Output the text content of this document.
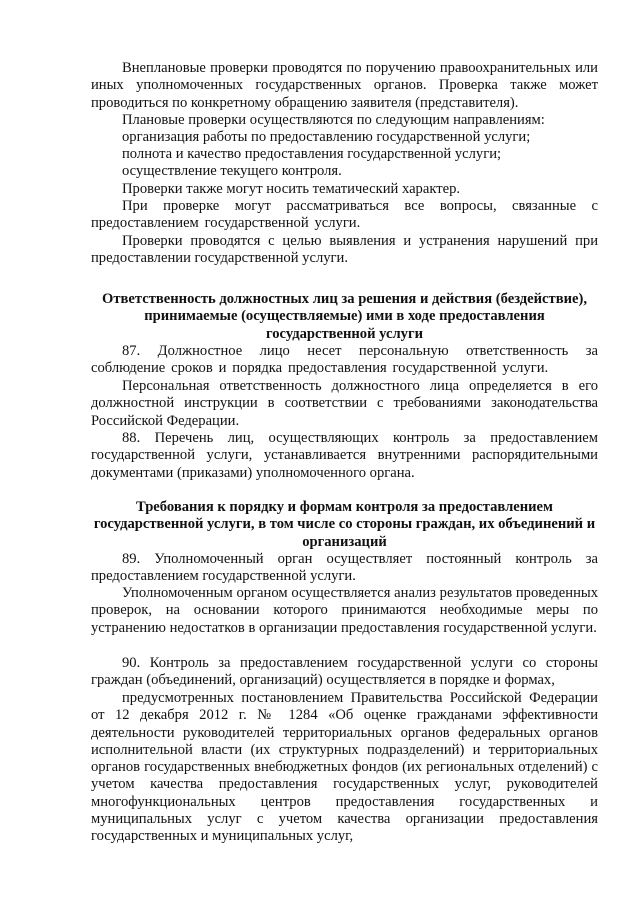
Внеплановые проверки проводятся по поручению правоохранительных или иных уполномоченных государственных органов. Проверка также может проводиться по конкретному обращению заявителя (представителя).

Плановые проверки осуществляются по следующим направлениям:

организация работы по предоставлению государственной услуги;

полнота и качество предоставления государственной услуги;

осуществление текущего контроля.

Проверки также могут носить тематический характер.

При проверке могут рассматриваться все вопросы, связанные с предоставлением государственной услуги.

Проверки проводятся с целью выявления и устранения нарушений при предоставлении государственной услуги.

Ответственность должностных лиц за решения и действия (бездействие), принимаемые (осуществляемые) ими в ходе предоставления государственной услуги

87. Должностное лицо несет персональную ответственность за соблюдение сроков и порядка предоставления государственной услуги.

Персональная ответственность должностного лица определяется в его должностной инструкции в соответствии с требованиями законодательства Российской Федерации.

88. Перечень лиц, осуществляющих контроль за предоставлением государственной услуги, устанавливается внутренними распорядительными документами (приказами) уполномоченного органа.

Требования к порядку и формам контроля за предоставлением государственной услуги, в том числе со стороны граждан, их объединений и организаций

89. Уполномоченный орган осуществляет постоянный контроль за предоставлением государственной услуги.

Уполномоченным органом осуществляется анализ результатов проведенных проверок, на основании которого принимаются необходимые меры по устранению недостатков в организации предоставления государственной услуги.

90. Контроль за предоставлением государственной услуги со стороны граждан (объединений, организаций) осуществляется в порядке и формах,

предусмотренных постановлением Правительства Российской Федерации от 12 декабря 2012 г. № 1284 «Об оценке гражданами эффективности деятельности руководителей территориальных органов федеральных органов исполнительной власти (их структурных подразделений) и территориальных органов государственных внебюджетных фондов (их региональных отделений) с учетом качества предоставления государственных услуг, руководителей многофункциональных центров предоставления государственных и муниципальных услуг с учетом качества организации предоставления государственных и муниципальных услуг,
